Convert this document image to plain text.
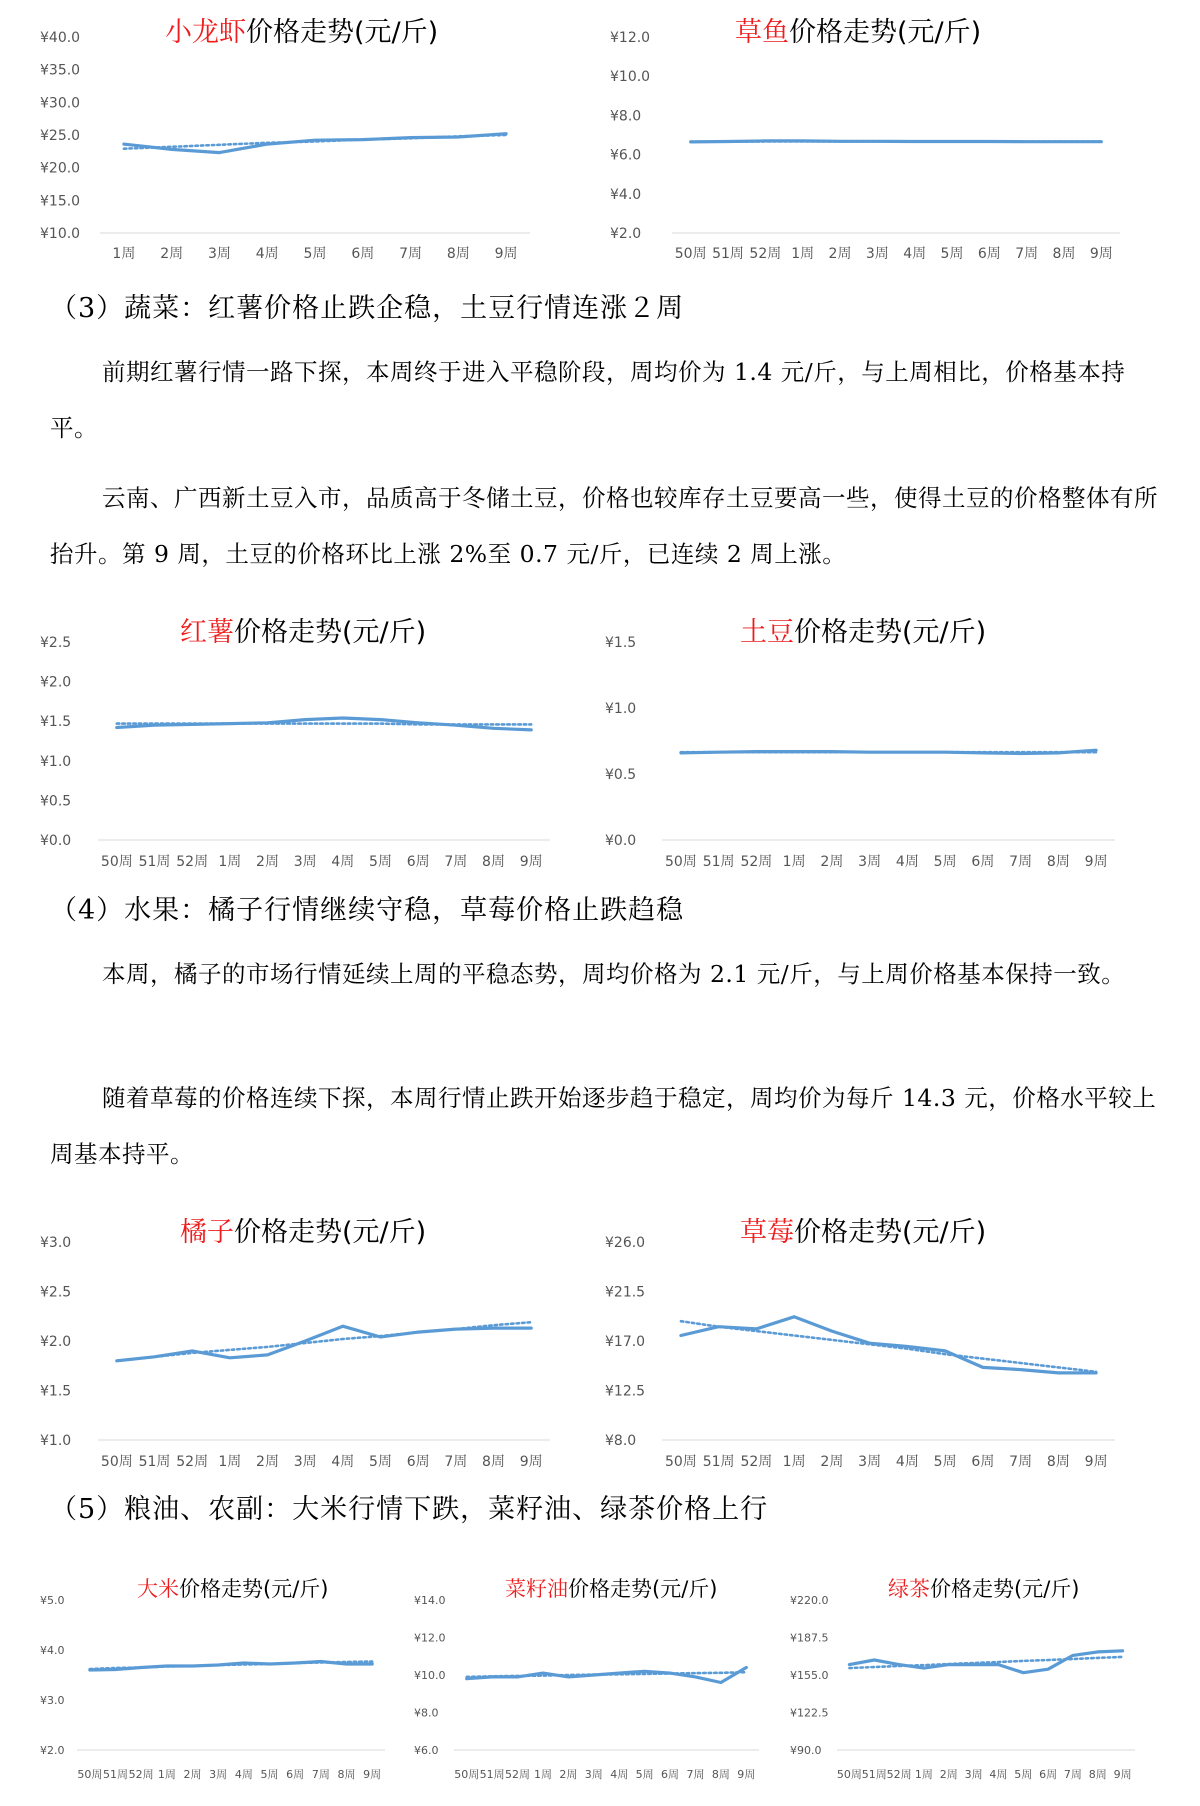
¥40.0
¥35.0
¥30.0
¥25.0
¥20.0
¥15.0
¥10.0
1周 2周 3周 4周 5周 6周 7周 8周 9周
小龙虾价格走势(元/斤)	¥12.0
¥10.0
¥8.0
¥6.0
¥4.0
¥2.0
50周 51周 52周 1周 2周 3周 4周 5周 6周 7周 8周 9周
草鱼价格走势(元/斤)
（3）蔬菜：红薯价格止跌企稳，土豆行情连涨２周

前期红薯行情一路下探，本周终于进入平稳阶段，周均价为 1.4 元/斤，与上周相比，价格基本持平。

云南、广西新土豆入市，品质高于冬储土豆，价格也较库存土豆要高一些，使得土豆的价格整体有所抬升。第 9 周，土豆的价格环比上涨 2%至 0.7 元/斤，已连续 2 周上涨。

¥2.5
¥2.0
¥1.5
¥1.0
¥0.5
¥0.0
50周 51周 52周 1周 2周 3周 4周 5周 6周 7周 8周 9周
红薯价格走势(元/斤)	¥1.5
¥1.0
¥0.5
¥0.0
50周 51周 52周 1周 2周 3周 4周 5周 6周 7周 8周 9周
土豆价格走势(元/斤)
（4）水果：橘子行情继续守稳，草莓价格止跌趋稳

本周，橘子的市场行情延续上周的平稳态势，周均价格为 2.1 元/斤，与上周价格基本保持一致。

随着草莓的价格连续下探，本周行情止跌开始逐步趋于稳定，周均价为每斤 14.3 元，价格水平较上周基本持平。

¥3.0
¥2.5
¥2.0
¥1.5
¥1.0
50周 51周 52周 1周 2周 3周 4周 5周 6周 7周 8周 9周
橘子价格走势(元/斤)	¥26.0
¥21.5
¥17.0
¥12.5
¥8.0
50周 51周 52周 1周 2周 3周 4周 5周 6周 7周 8周 9周
草莓价格走势(元/斤)
（5）粮油、农副：大米行情下跌，菜籽油、绿茶价格上行
¥5.0
¥4.0
¥3.0
¥2.0
50周 51周 52周 1周 2周 3周 4周 5周 6周 7周 8周 9周
大米价格走势(元/斤)	¥14.0
¥12.0
¥10.0
¥8.0
¥6.0
50周 51周 52周 1周 2周 3周 4周 5周 6周 7周 8周 9周
菜籽油价格走势(元/斤)	¥220.0
¥187.5
¥155.0
¥122.5
¥90.0
50周 51周 52周 1周 2周 3周 4周 5周 6周 7周 8周 9周
绿茶价格走势(元/斤)
